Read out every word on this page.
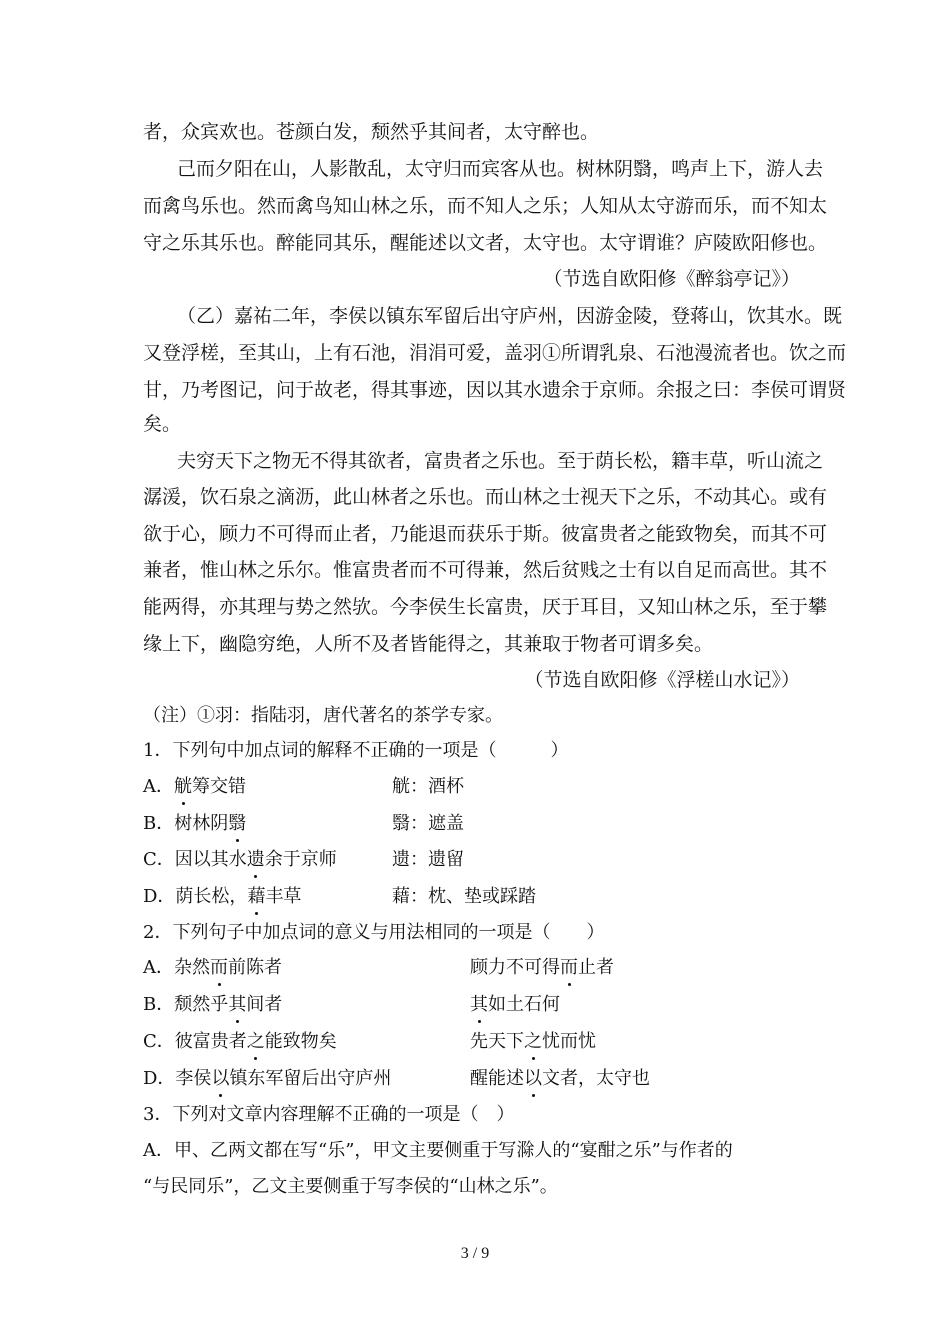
者，众宾欢也。苍颜白发，颓然乎其间者，太守醉也。
己而夕阳在山，人影散乱，太守归而宾客从也。树林阴翳，鸣声上下，游人去
而禽鸟乐也。然而禽鸟知山林之乐，而不知人之乐；人知从太守游而乐，而不知太
守之乐其乐也。醉能同其乐，醒能述以文者，太守也。太守谓谁？庐陵欧阳修也。
（节选自欧阳修《醉翁亭记》）
（乙）嘉祐二年，李侯以镇东军留后出守庐州，因游金陵，登蒋山，饮其水。既
又登浮槎，至其山，上有石池，涓涓可爱，盖羽①所谓乳泉、石池漫流者也。饮之而
甘，乃考图记，问于故老，得其事迹，因以其水遗余于京师。余报之曰：李侯可谓贤
矣。
夫穷天下之物无不得其欲者，富贵者之乐也。至于荫长松，籍丰草，听山流之
潺湲，饮石泉之滴沥，此山林者之乐也。而山林之士视天下之乐，不动其心。或有
欲于心，顾力不可得而止者，乃能退而获乐于斯。彼富贵者之能致物矣，而其不可
兼者，惟山林之乐尔。惟富贵者而不可得兼，然后贫贱之士有以自足而高世。其不
能两得，亦其理与势之然欤。今李侯生长富贵，厌于耳目，又知山林之乐，至于攀
缘上下，幽隐穷绝，人所不及者皆能得之，其兼取于物者可谓多矣。
（节选自欧阳修《浮槎山水记》）
（注）①羽：指陆羽，唐代著名的茶学专家。
1．下列句中加点词的解释不正确的一项是（　　　）
A．觥筹交错	觥：酒杯
B．树林阴翳	翳：遮盖
C．因以其水遗余于京师	遗：遗留
D．荫长松，藉丰草	藉：枕、垫或踩踏
2．下列句子中加点词的意义与用法相同的一项是（　　）
A．杂然而前陈者	顾力不可得而止者
B．颓然乎其间者	其如土石何
C．彼富贵者之能致物矣	先天下之忧而忧
D．李侯以镇东军留后出守庐州	醒能述以文者，太守也
3．下列对文章内容理解不正确的一项是（　）
A．甲、乙两文都在写“乐”，甲文主要侧重于写滁人的“宴酣之乐”与作者的
“与民同乐”，乙文主要侧重于写李侯的“山林之乐”。
3 / 9
